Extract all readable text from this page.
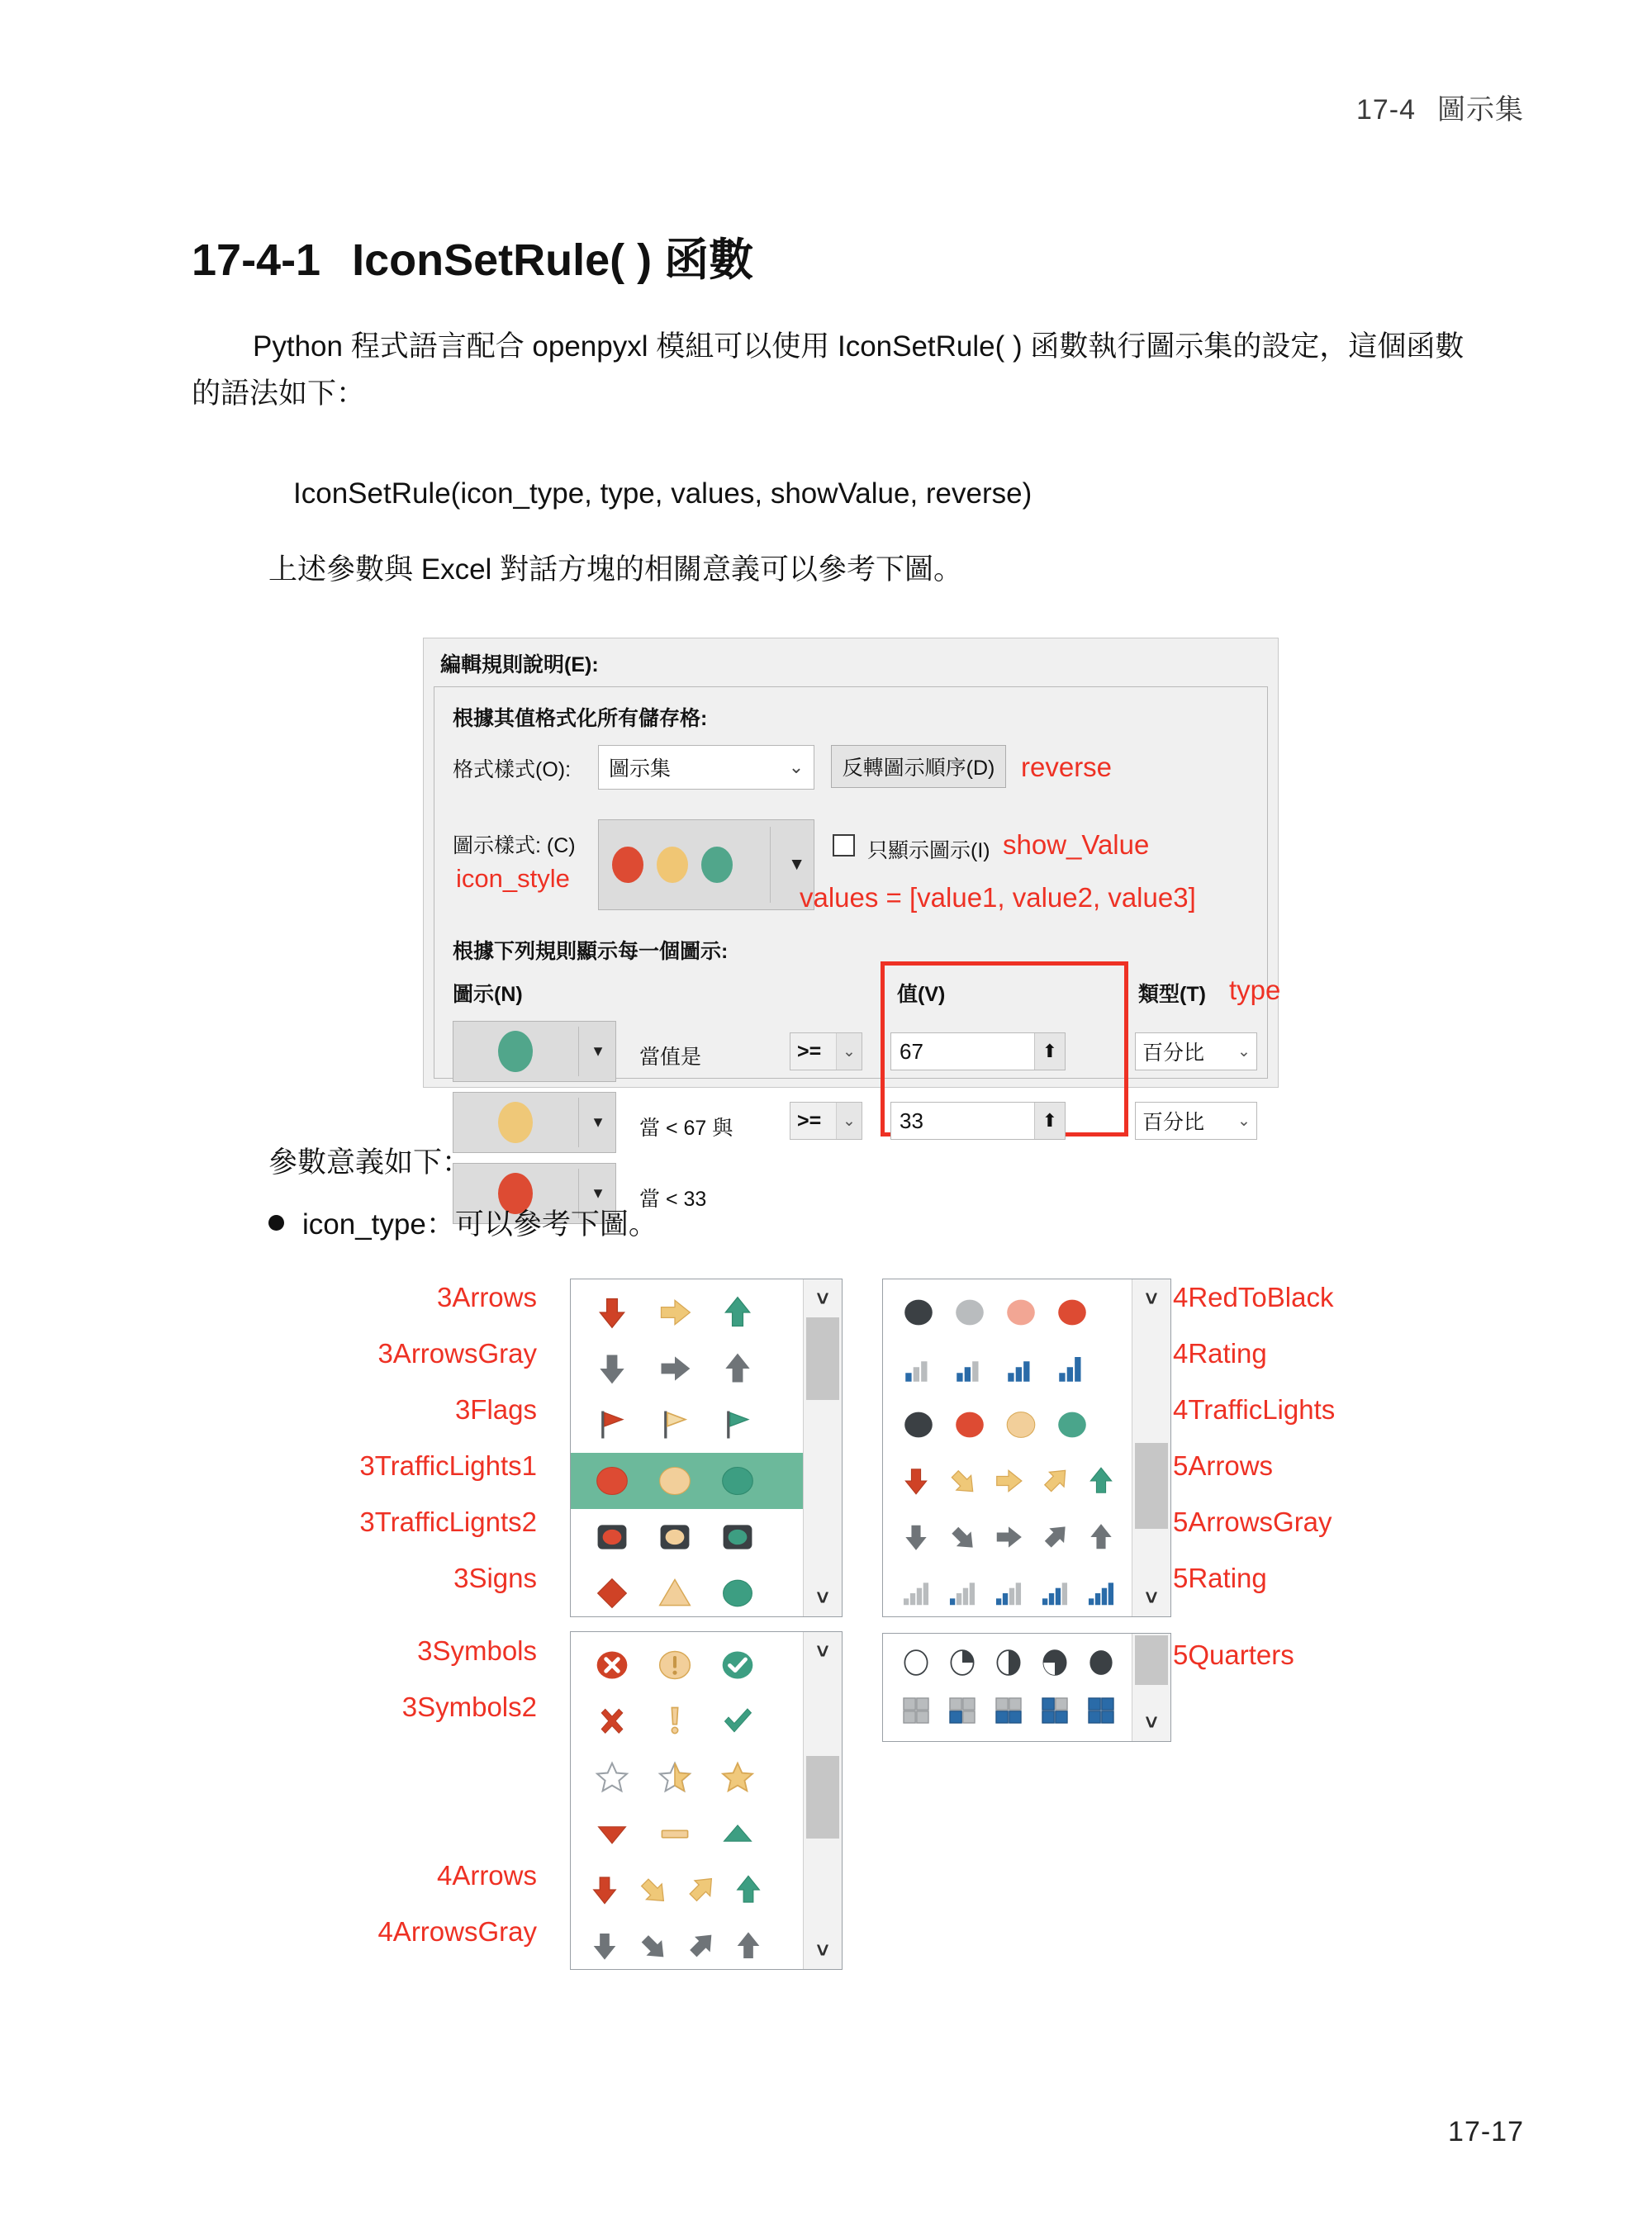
17-4 圖示集
17-4-1 IconSetRule( ) 函數
Python 程式語言配合 openpyxl 模組可以使用 IconSetRule( ) 函數執行圖示集的設定，這個函數的語法如下：
IconSetRule(icon_type, type, values, showValue, reverse)
上述參數與 Excel 對話方塊的相關意義可以參考下圖。
編輯規則說明(E):
根據其值格式化所有儲存格:
格式樣式(O):	圖示集	⌄	反轉圖示順序(D) reverse
圖示樣式: (C)
icon_style	▼
只顯示圖示(I) show_Value
values = [value1, value2, value3]
根據下列規則顯示每一個圖示:
圖示(N)	值(V)	類型(T) type
▼ 當值是	>=	⌄	67	⬆	百分比	⌄
▼ 當 < 67 與	>=	⌄	33	⬆	百分比	⌄
▼ 當 < 33
參數意義如下：
icon_type：可以參考下圖。
˅
˅
3Arrows
3ArrowsGray
3Flags
3TrafficLights1
3TrafficLignts2
3Signs
˅
˅
3Symbols
3Symbols2
4Arrows
4ArrowsGray
˅
˅
4RedToBlack
4Rating
4TrafficLights
5Arrows
5ArrowsGray
5Rating
˅
5Quarters
17-17
